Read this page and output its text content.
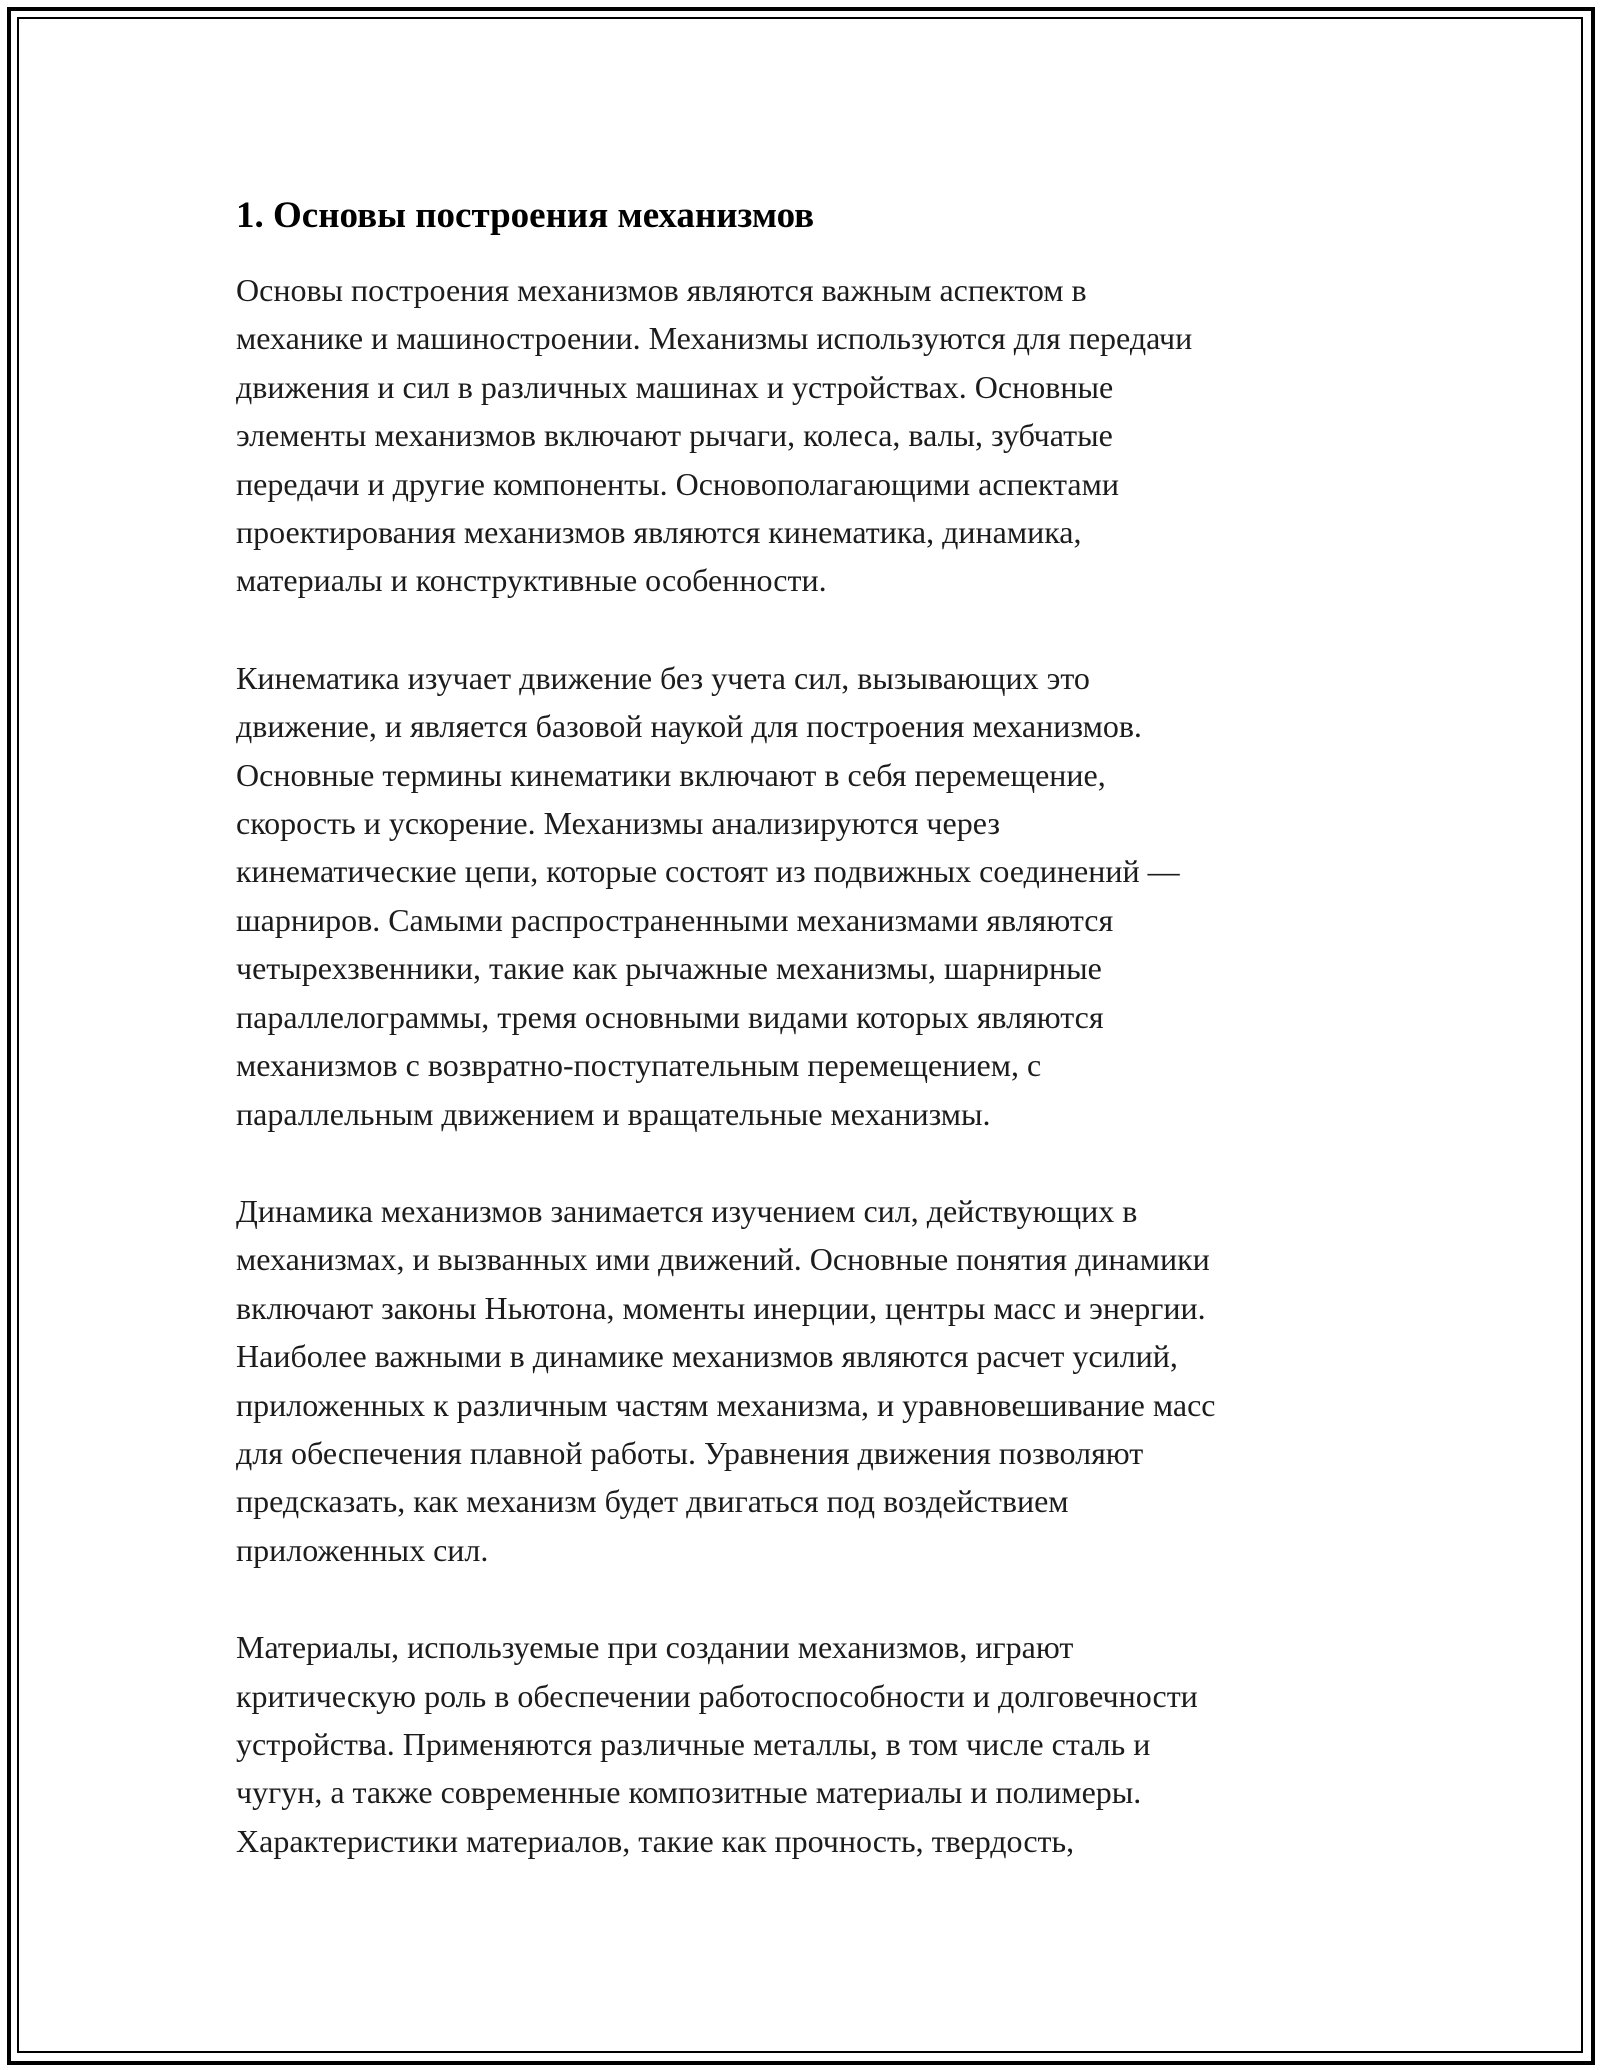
1. Основы построения механизмов

Основы построения механизмов являются важным аспектом в
механике и машиностроении. Механизмы используются для передачи
движения и сил в различных машинах и устройствах. Основные
элементы механизмов включают рычаги, колеса, валы, зубчатые
передачи и другие компоненты. Основополагающими аспектами
проектирования механизмов являются кинематика, динамика,
материалы и конструктивные особенности.

Кинематика изучает движение без учета сил, вызывающих это
движение, и является базовой наукой для построения механизмов.
Основные термины кинематики включают в себя перемещение,
скорость и ускорение. Механизмы анализируются через
кинематические цепи, которые состоят из подвижных соединений —
шарниров. Самыми распространенными механизмами являются
четырехзвенники, такие как рычажные механизмы, шарнирные
параллелограммы, тремя основными видами которых являются
механизмов с возвратно-поступательным перемещением, с
параллельным движением и вращательные механизмы.

Динамика механизмов занимается изучением сил, действующих в
механизмах, и вызванных ими движений. Основные понятия динамики
включают законы Ньютона, моменты инерции, центры масс и энергии.
Наиболее важными в динамике механизмов являются расчет усилий,
приложенных к различным частям механизма, и уравновешивание масс
для обеспечения плавной работы. Уравнения движения позволяют
предсказать, как механизм будет двигаться под воздействием
приложенных сил.

Материалы, используемые при создании механизмов, играют
критическую роль в обеспечении работоспособности и долговечности
устройства. Применяются различные металлы, в том числе сталь и
чугун, а также современные композитные материалы и полимеры.
Характеристики материалов, такие как прочность, твердость,
